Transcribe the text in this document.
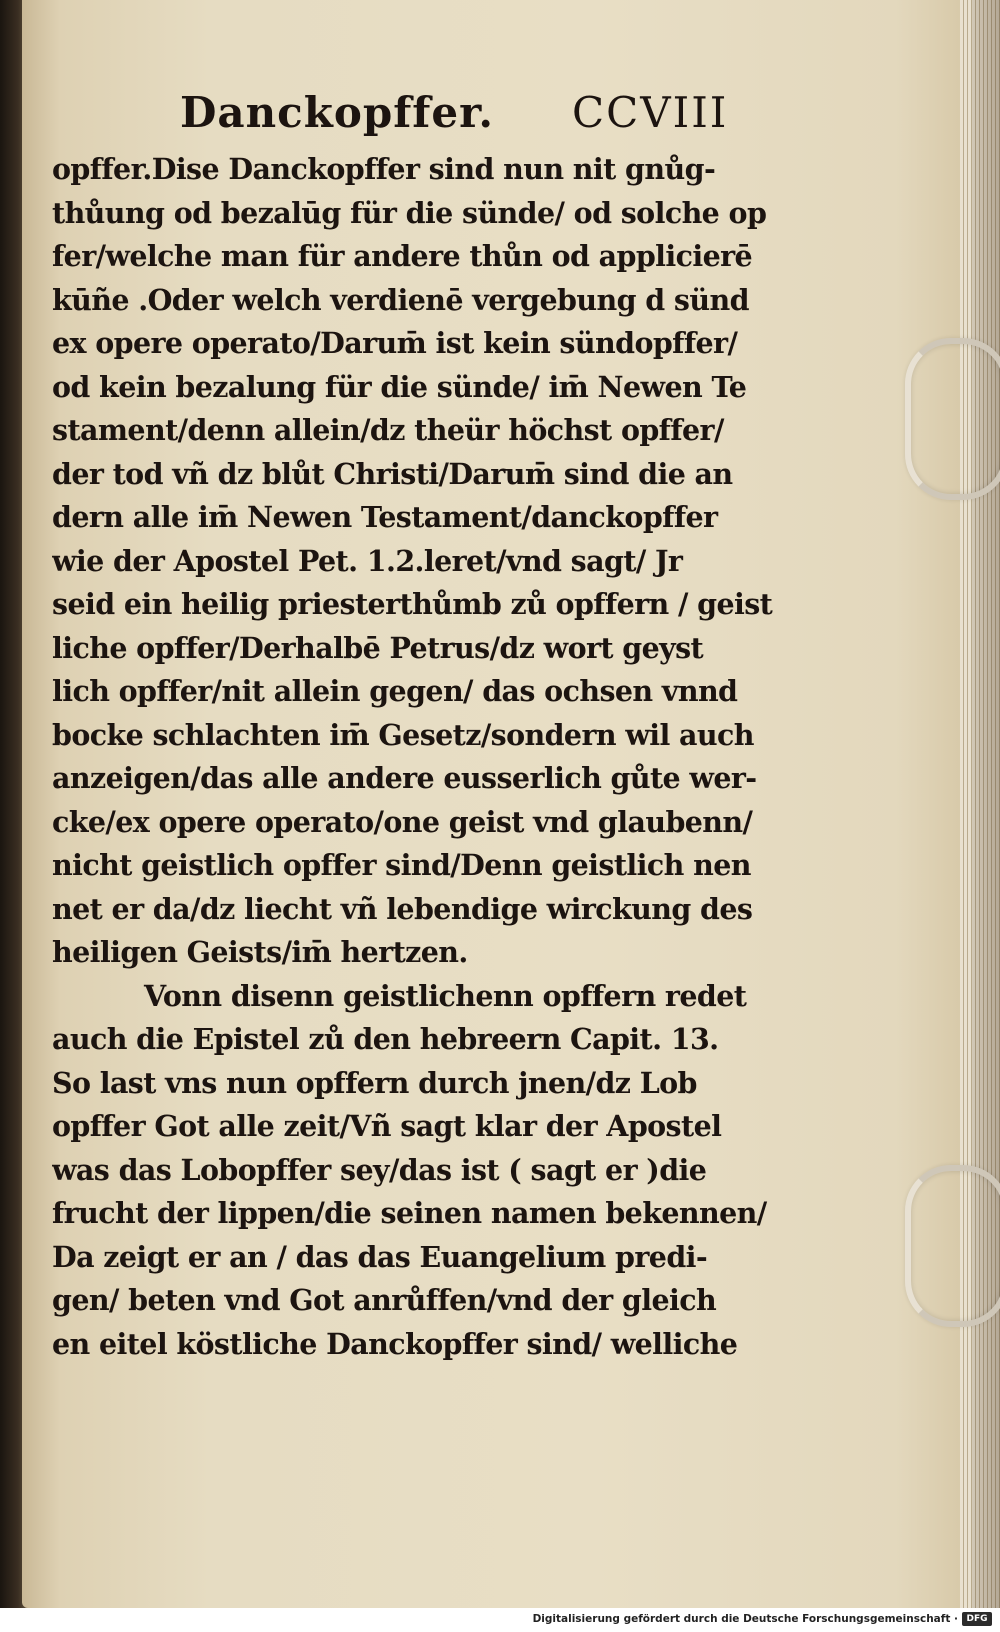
Danckopffer. CCVIII
opffer.Dise Danckopffer sind nun nit gnůg-
thůung od bezalūg für die sünde/ od solche op
fer/welche man für andere thůn od applicierē
kūñe .Oder welch verdienē vergebung d sünd
ex opere operato/Darum̄ ist kein sündopffer/
od kein bezalung für die sünde/ im̄ Newen Te
stament/denn allein/dz theür höchst opffer/
der tod vñ dz blůt Christi/Darum̄ sind die an
dern alle im̄ Newen Testament/danckopffer
wie der Apostel Pet. 1.2.leret/vnd sagt/ Jr
seid ein heilig priesterthůmb zů opffern / geist
liche opffer/Derhalbē Petrus/dz wort geyst
lich opffer/nit allein gegen/ das ochsen vnnd
bocke schlachten im̄ Gesetz/sondern wil auch
anzeigen/das alle andere eusserlich gůte wer-
cke/ex opere operato/one geist vnd glaubenn/
nicht geistlich opffer sind/Denn geistlich nen
net er da/dz liecht vñ lebendige wirckung des
heiligen Geists/im̄ hertzen.
Vonn disenn geistlichenn opffern redet
auch die Epistel zů den hebreern Capit. 13.
So last vns nun opffern durch jnen/dz Lob
opffer Got alle zeit/Vñ sagt klar der Apostel
was das Lobopffer sey/das ist ( sagt er )die
frucht der lippen/die seinen namen bekennen/
Da zeigt er an / das das Euangelium predi-
gen/ beten vnd Got anrůffen/vnd der gleich
en eitel köstliche Danckopffer sind/ welliche
Digitalisierung gefördert durch die Deutsche Forschungsgemeinschaft · DFG
